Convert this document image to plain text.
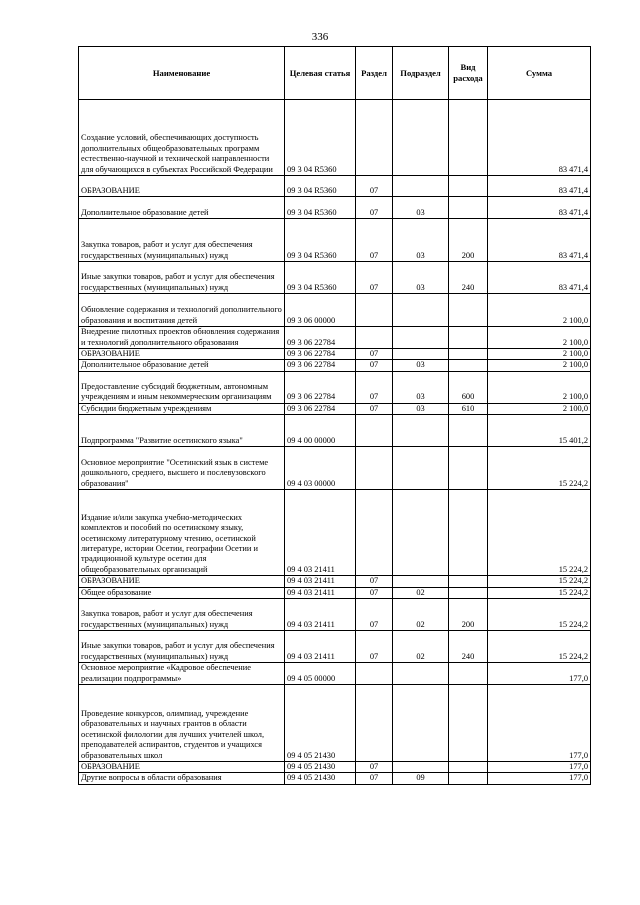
336
Наименование	Целевая статья	Раздел	Подраздел	Вид расхода	Сумма
Создание условий, обеспечивающих доступность дополнительных общеобразовательных программ естественно-научной и технической направленности для обучающихся в субъектах Российской Федерации	09 3 04 R5360				83 471,4
ОБРАЗОВАНИЕ	09 3 04 R5360	07			83 471,4
Дополнительное образование детей	09 3 04 R5360	07	03		83 471,4
Закупка товаров, работ и услуг для обеспечения государственных (муниципальных) нужд	09 3 04 R5360	07	03	200	83 471,4
Иные закупки товаров, работ и услуг для обеспечения государственных (муниципальных) нужд	09 3 04 R5360	07	03	240	83 471,4
Обновление содержания и технологий дополнительного образования и воспитания детей	09 3 06 00000				2 100,0
Внедрение пилотных проектов обновления содержания и технологий дополнительного образования	09 3 06 22784				2 100,0
ОБРАЗОВАНИЕ	09 3 06 22784	07			2 100,0
Дополнительное образование детей	09 3 06 22784	07	03		2 100,0
Предоставление субсидий бюджетным, автономным учреждениям и иным некоммерческим организациям	09 3 06 22784	07	03	600	2 100,0
Субсидии бюджетным учреждениям	09 3 06 22784	07	03	610	2 100,0
Подпрограмма "Развитие осетинского языка"	09 4 00 00000				15 401,2
Основное мероприятие "Осетинский язык в системе дошкольного, среднего, высшего и послевузовского образования"	09 4 03 00000				15 224,2
Издание и/или закупка учебно-методических комплектов и пособий по осетинскому языку, осетинскому литературному чтению, осетинской литературе, истории Осетии, географии Осетии и традиционной культуре осетин для общеобразовательных организаций	09 4 03 21411				15 224,2
ОБРАЗОВАНИЕ	09 4 03 21411	07			15 224,2
Общее образование	09 4 03 21411	07	02		15 224,2
Закупка товаров, работ и услуг для обеспечения государственных (муниципальных) нужд	09 4 03 21411	07	02	200	15 224,2
Иные закупки товаров, работ и услуг для обеспечения государственных (муниципальных) нужд	09 4 03 21411	07	02	240	15 224,2
Основное мероприятие «Кадровое обеспечение реализации подпрограммы»	09 4 05 00000				177,0
Проведение конкурсов, олимпиад, учреждение образовательных и научных грантов в области осетинской филологии для лучших учителей школ, преподавателей аспирантов, студентов и учащихся образовательных школ	09 4 05 21430				177,0
ОБРАЗОВАНИЕ	09 4 05 21430	07			177,0
Другие вопросы в области образования	09 4 05 21430	07	09		177,0
